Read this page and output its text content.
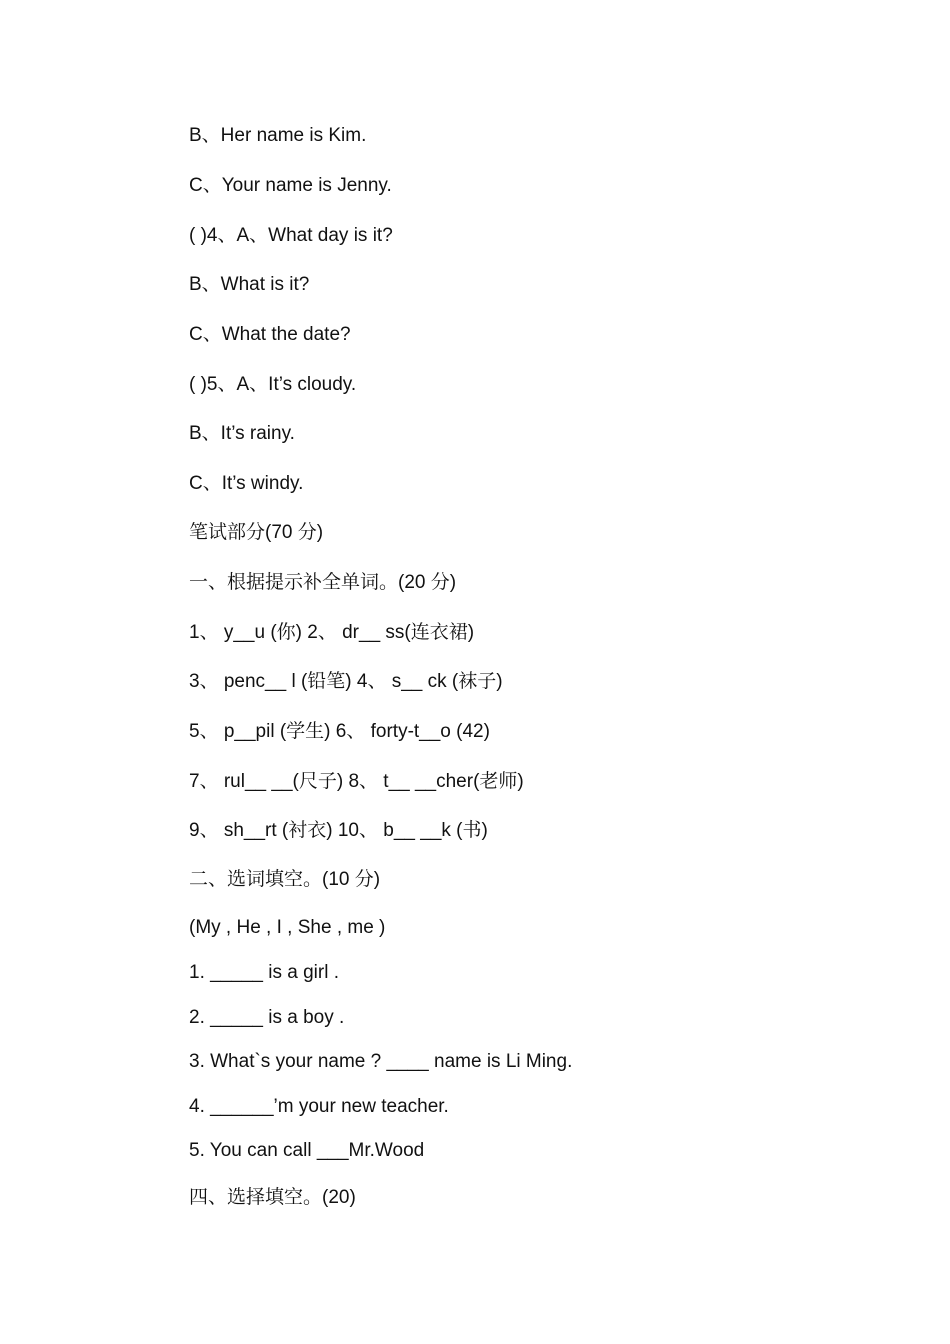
B、Her name is Kim.
C、Your name is Jenny.
( )4、A、What day is it?
B、What is it?
C、What the date?
( )5、A、It’s cloudy.
B、It’s rainy.
C、It’s windy.
笔试部分(70 分)
一、根据提示补全单词。(20 分)
1、 y__u (你) 2、 dr__ ss(连衣裙)
3、 penc__ l (铅笔) 4、 s__ ck (袜子)
5、 p__pil (学生) 6、 forty-t__o (42)
7、 rul__ __(尺子) 8、 t__ __cher(老师)
9、 sh__rt (衬衣) 10、 b__ __k (书)
二、选词填空。(10 分)
(My , He , I , She , me )
1. _____ is a girl .
2. _____ is a boy .
3. What`s your name ? ____ name is Li Ming.
4. ______’m your new teacher.
5. You can call ___Mr.Wood
四、选择填空。(20)
